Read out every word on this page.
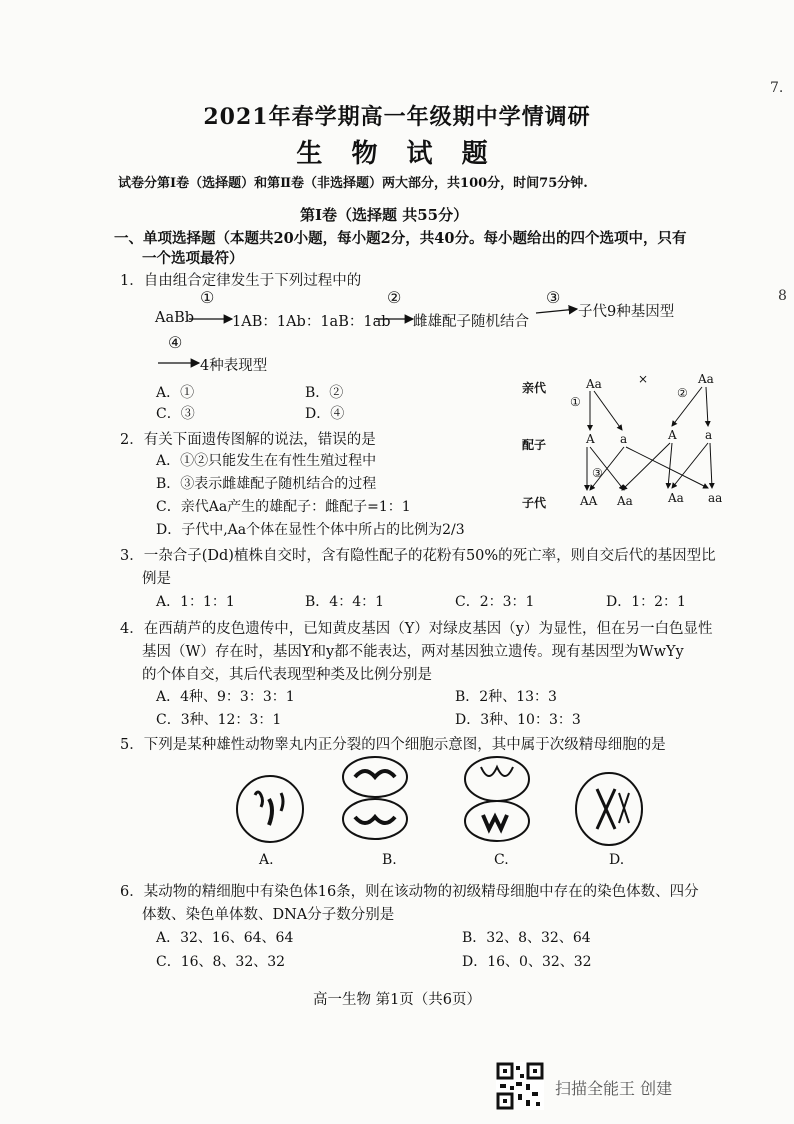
2021年春学期高一年级期中学情调研
生 物 试 题
试卷分第Ⅰ卷（选择题）和第Ⅱ卷（非选择题）两大部分，共100分，时间75分钟.
7.
8
第Ⅰ卷（选择题 共55分）
一、单项选择题（本题共20小题，每小题2分，共40分。每小题给出的四个选项中，只有
一个选项最符）
1．自由组合定律发生于下列过程中的
AaBb
①
1AB：1Ab：1aB：1ab
②
雌雄配子随机结合
③
子代9种基因型
④
4种表现型
A．①	B．②
C．③	D．④
2．有关下面遗传图解的说法，错误的是
A．①②只能发生在有性生殖过程中
B．③表示雌雄配子随机结合的过程
C．亲代Aa产生的雄配子：雌配子=1：1
D．子代中,Aa个体在显性个体中所占的比例为2/3
亲代
配子
子代
Aa	×	Aa
①
②
③
A a	A a
AA Aa	Aa aa
3．一杂合子(Dd)植株自交时，含有隐性配子的花粉有50%的死亡率，则自交后代的基因型比
例是
A．1：1：1	B．4：4：1	C．2：3：1	D．1：2：1
4．在西葫芦的皮色遗传中，已知黄皮基因（Y）对绿皮基因（y）为显性，但在另一白色显性
基因（W）存在时，基因Y和y都不能表达，两对基因独立遗传。现有基因型为WwYy
的个体自交，其后代表现型种类及比例分别是
A．4种、9：3：3：1	B．2种、13：3
C．3种、12：3：1	D．3种、10：3：3
5．下列是某种雄性动物睾丸内正分裂的四个细胞示意图，其中属于次级精母细胞的是
A.	B.	C.	D.
6．某动物的精细胞中有染色体16条，则在该动物的初级精母细胞中存在的染色体数、四分
体数、染色单体数、DNA分子数分别是
A．32、16、64、64	B．32、8、32、64
C．16、8、32、32	D．16、0、32、32
高一生物 第1页（共6页）
扫描全能王 创建
